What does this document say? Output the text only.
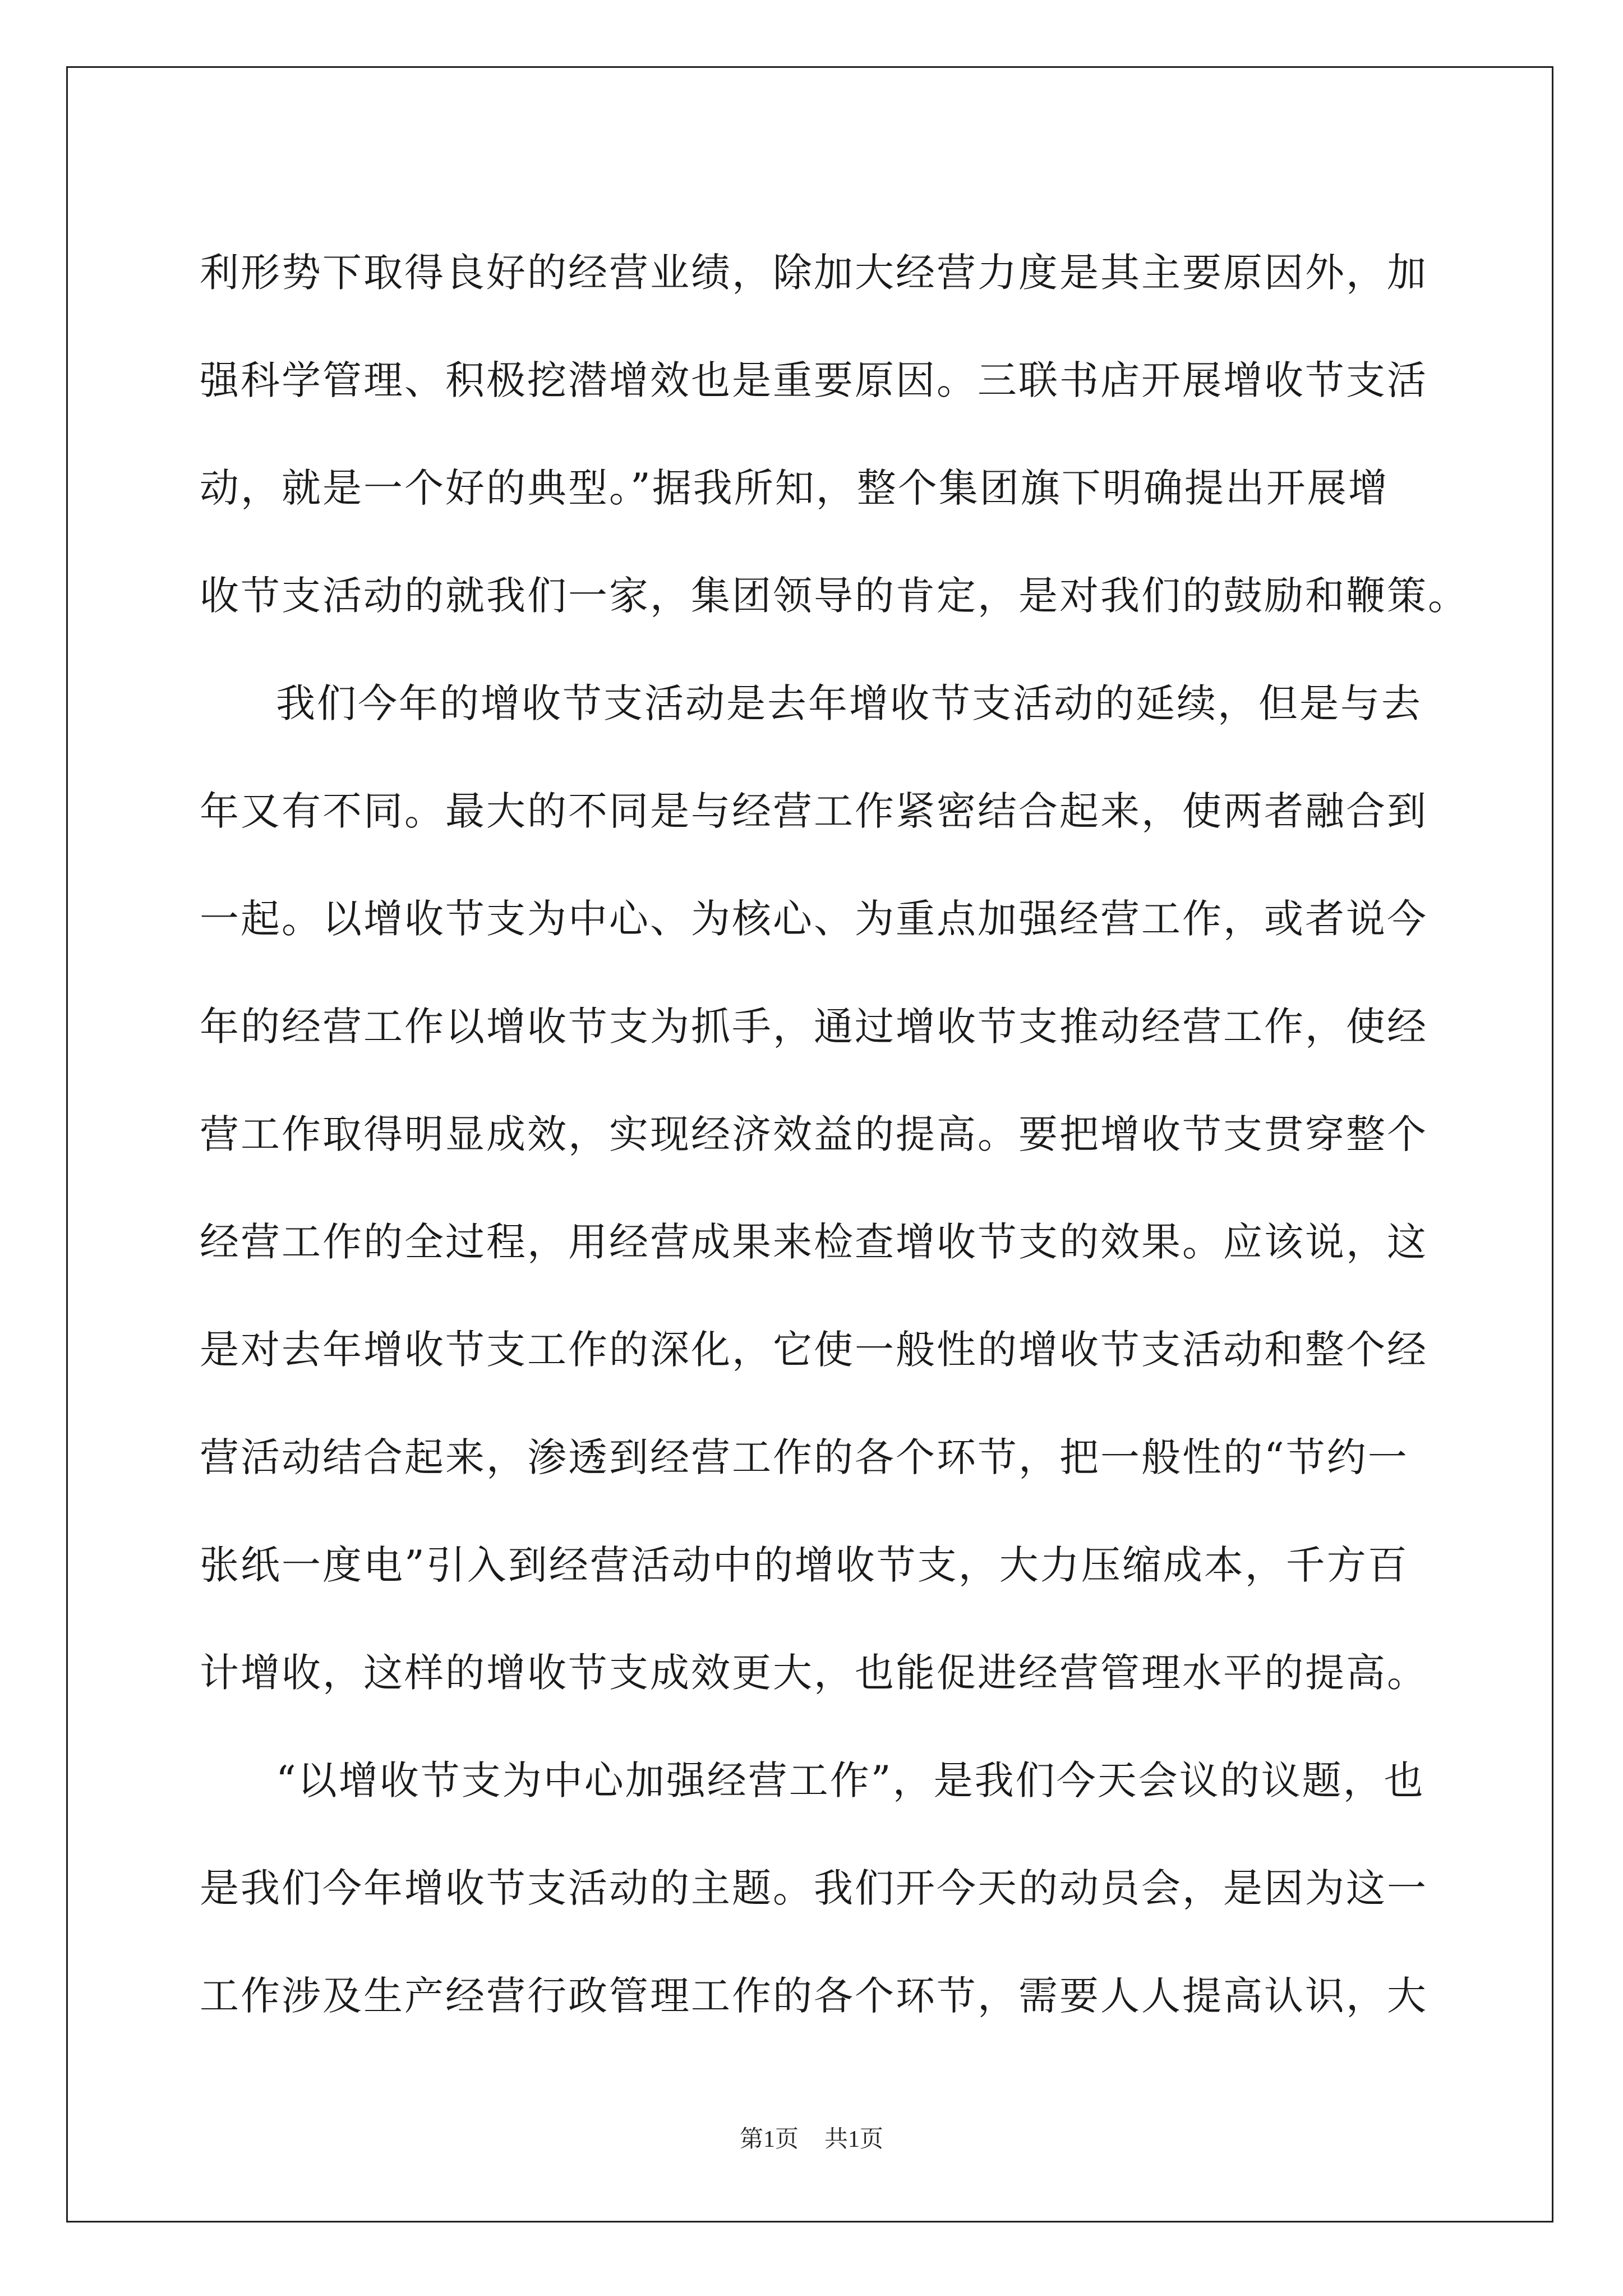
利形势下取得良好的经营业绩，除加大经营力度是其主要原因外，加
强科学管理、积极挖潜增效也是重要原因。三联书店开展增收节支活
动，就是一个好的典型。”据我所知，整个集团旗下明确提出开展增
收节支活动的就我们一家，集团领导的肯定，是对我们的鼓励和鞭策。
我们今年的增收节支活动是去年增收节支活动的延续，但是与去
年又有不同。最大的不同是与经营工作紧密结合起来，使两者融合到
一起。以增收节支为中心、为核心、为重点加强经营工作，或者说今
年的经营工作以增收节支为抓手，通过增收节支推动经营工作，使经
营工作取得明显成效，实现经济效益的提高。要把增收节支贯穿整个
经营工作的全过程，用经营成果来检查增收节支的效果。应该说，这
是对去年增收节支工作的深化，它使一般性的增收节支活动和整个经
营活动结合起来，渗透到经营工作的各个环节，把一般性的“节约一
张纸一度电”引入到经营活动中的增收节支，大力压缩成本，千方百
计增收，这样的增收节支成效更大，也能促进经营管理水平的提高。
“以增收节支为中心加强经营工作”，是我们今天会议的议题，也
是我们今年增收节支活动的主题。我们开今天的动员会，是因为这一
工作涉及生产经营行政管理工作的各个环节，需要人人提高认识，大
第1页 共1页
